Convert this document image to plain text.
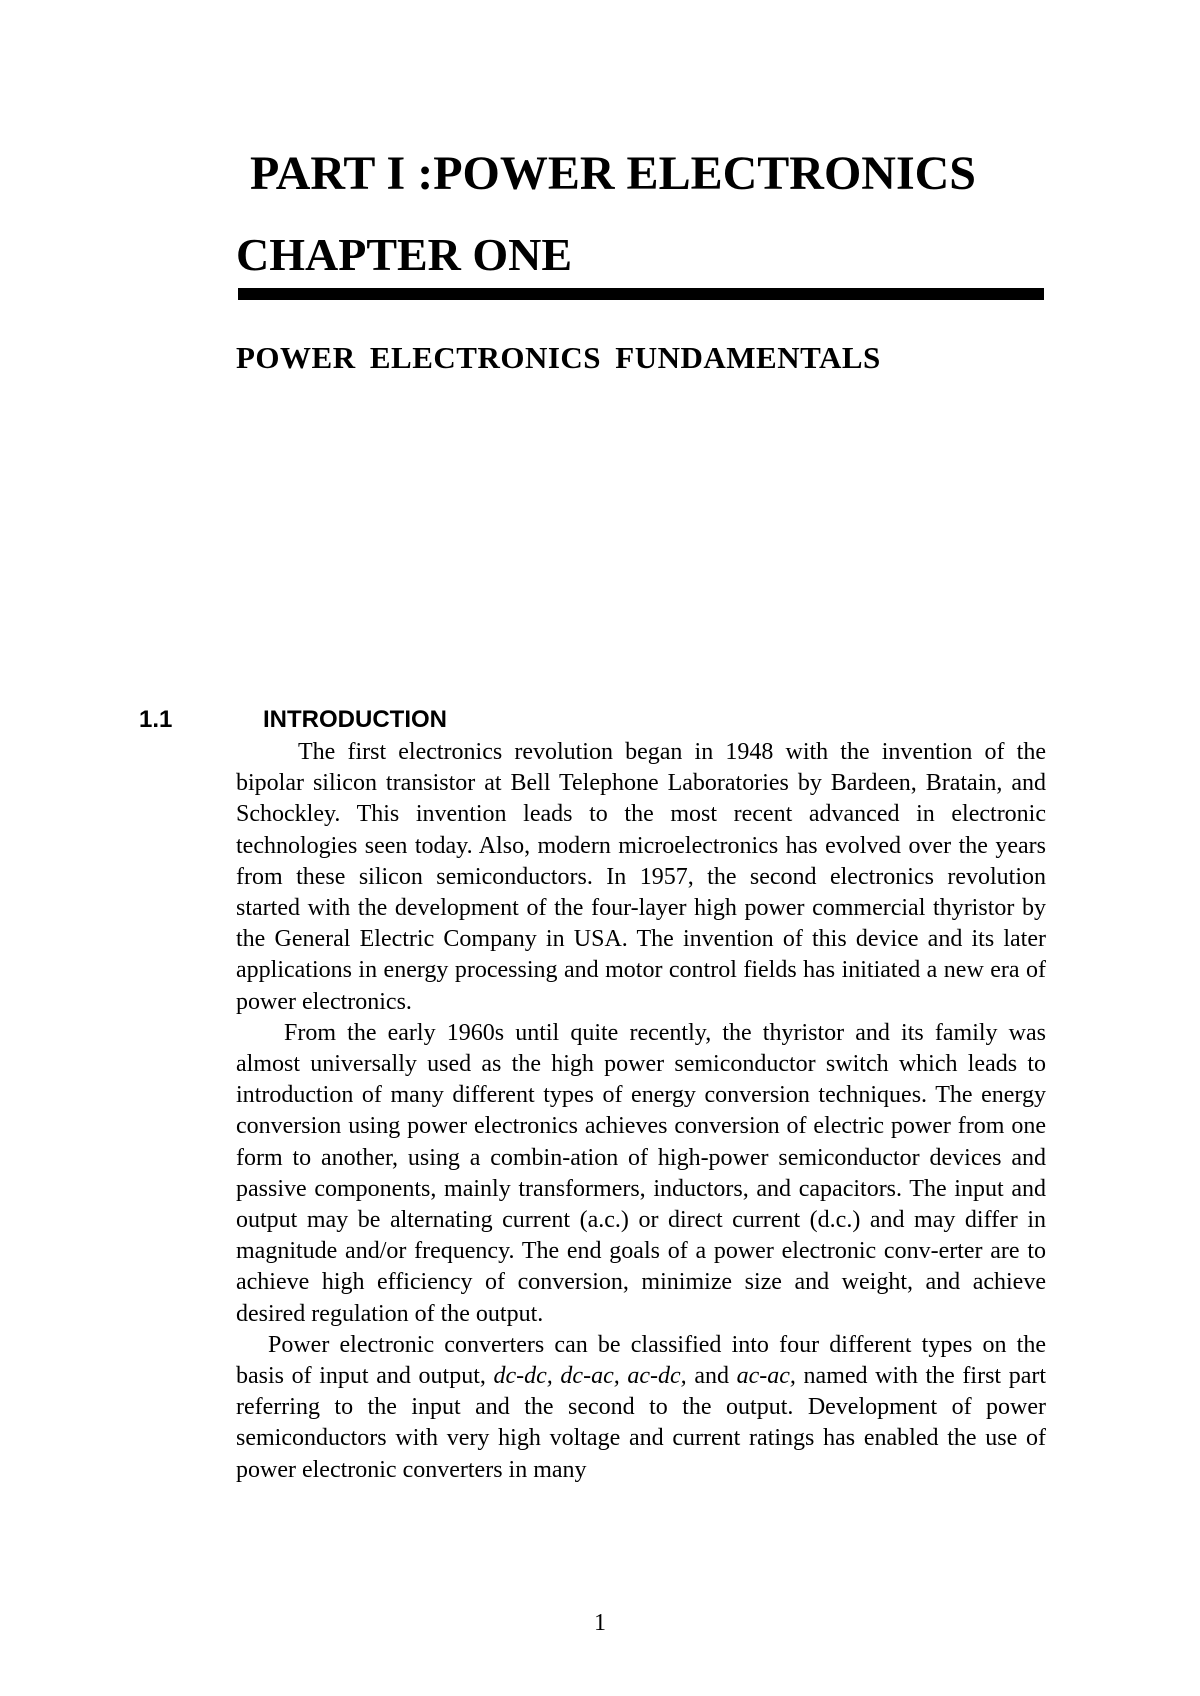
PART I :POWER ELECTRONICS
CHAPTER ONE
POWER ELECTRONICS FUNDAMENTALS
1.1	INTRODUCTION

The first electronics revolution began in 1948 with the invention of the bipolar silicon transistor at Bell Telephone Laboratories by Bardeen, Bratain, and Schockley. This invention leads to the most recent advanced in electronic technologies seen today. Also, modern microelectronics has evolved over the years from these silicon semiconductors. In 1957, the second electronics revolution started with the development of the four-layer high power commercial thyristor by the General Electric Company in USA. The invention of this device and its later applications in energy processing and motor control fields has initiated a new era of power electronics.

From the early 1960s until quite recently, the thyristor and its family was almost universally used as the high power semiconductor switch which leads to introduction of many different types of energy conversion techniques. The energy conversion using power electronics achieves conversion of electric power from one form to another, using a combin-ation of high-power semiconductor devices and passive components, mainly transformers, inductors, and capacitors. The input and output may be alternating current (a.c.) or direct current (d.c.) and may differ in magnitude and/or frequency. The end goals of a power electronic conv-erter are to achieve high efficiency of conversion, minimize size and weight, and achieve desired regulation of the output.

Power electronic converters can be classified into four different types on the basis of input and output, dc-dc, dc-ac, ac-dc, and ac-ac, named with the first part referring to the input and the second to the output. Development of power semiconductors with very high voltage and current ratings has enabled the use of power electronic converters in many

1
